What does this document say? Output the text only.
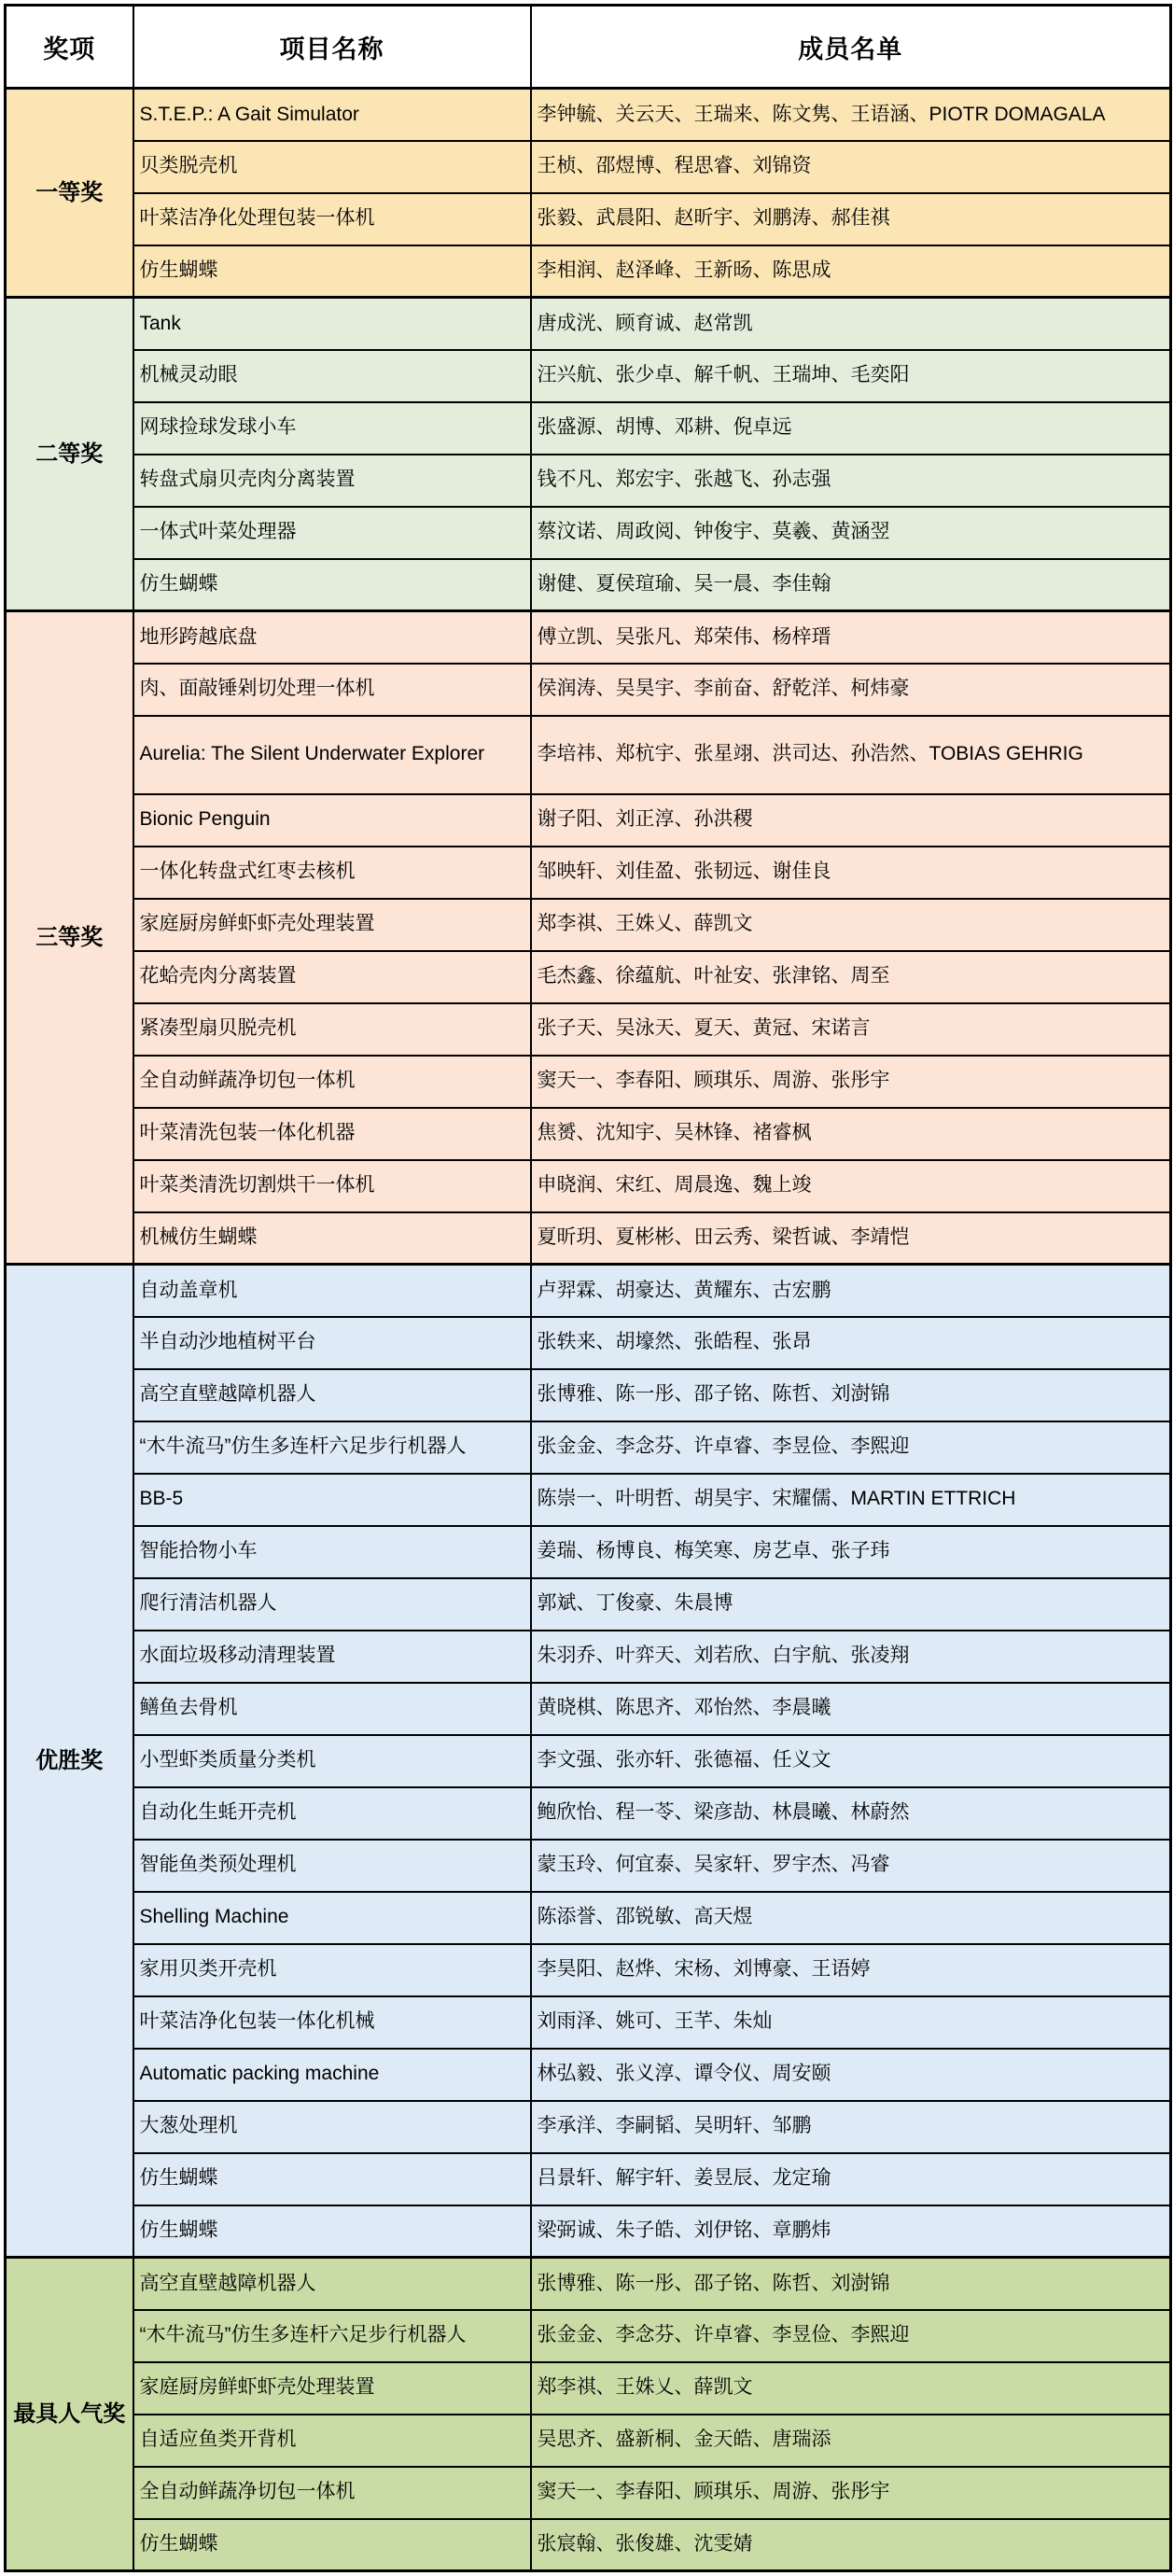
奖项	项目名称	成员名单
一等奖	S.T.E.P.: A Gait Simulator	李钟毓、关云天、王瑞来、陈文隽、王语涵、PIOTR DOMAGALA
	贝类脱壳机	王桢、邵煜博、程思睿、刘锦资
	叶菜洁净化处理包装一体机	张毅、武晨阳、赵昕宇、刘鹏涛、郝佳祺
	仿生蝴蝶	李相润、赵泽峰、王新旸、陈思成
二等奖	Tank	唐成洸、顾育诚、赵常凯
	机械灵动眼	汪兴航、张少卓、解千帆、王瑞坤、毛奕阳
	网球捡球发球小车	张盛源、胡博、邓耕、倪卓远
	转盘式扇贝壳肉分离装置	钱不凡、郑宏宇、张越飞、孙志强
	一体式叶菜处理器	蔡汶诺、周政阅、钟俊宇、莫羲、黄涵翌
	仿生蝴蝶	谢健、夏侯瑄瑜、吴一晨、李佳翰
三等奖	地形跨越底盘	傅立凯、吴张凡、郑荣伟、杨梓瑨
	肉、面敲锤剁切处理一体机	侯润涛、吴昊宇、李前奋、舒乾洋、柯炜豪
	Aurelia: The Silent Underwater Explorer	李培祎、郑杭宇、张星翊、洪司达、孙浩然、TOBIAS GEHRIG
	Bionic Penguin	谢子阳、刘正淳、孙洪稷
	一体化转盘式红枣去核机	邹映轩、刘佳盈、张韧远、谢佳良
	家庭厨房鲜虾虾壳处理装置	郑李祺、王姝乂、薛凯文
	花蛤壳肉分离装置	毛杰鑫、徐蕴航、叶祉安、张津铭、周至
	紧凑型扇贝脱壳机	张子天、吴泳天、夏天、黄冠、宋诺言
	全自动鲜蔬净切包一体机	窦天一、李春阳、顾琪乐、周游、张彤宇
	叶菜清洗包装一体化机器	焦赟、沈知宇、吴林锋、褚睿枫
	叶菜类清洗切割烘干一体机	申晓润、宋红、周晨逸、魏上竣
	机械仿生蝴蝶	夏昕玥、夏彬彬、田云秀、梁哲诚、李靖恺
优胜奖	自动盖章机	卢羿霖、胡豪达、黄耀东、古宏鹏
	半自动沙地植树平台	张轶来、胡壕然、张皓程、张昂
	高空直壁越障机器人	张博雅、陈一彤、邵子铭、陈哲、刘澍锦
	“木牛流马”仿生多连杆六足步行机器人	张金金、李念芬、许卓睿、李昱俭、李熙迎
	BB-5	陈崇一、叶明哲、胡昊宇、宋耀儒、MARTIN ETTRICH
	智能拾物小车	姜瑞、杨博良、梅笑寒、房艺卓、张子玮
	爬行清洁机器人	郭斌、丁俊豪、朱晨博
	水面垃圾移动清理装置	朱羽乔、叶弈天、刘若欣、白宇航、张凌翔
	鳝鱼去骨机	黄晓棋、陈思齐、邓怡然、李晨曦
	小型虾类质量分类机	李文强、张亦轩、张德福、任义文
	自动化生蚝开壳机	鲍欣怡、程一苓、梁彦劼、林晨曦、林蔚然
	智能鱼类预处理机	蒙玉玲、何宜泰、吴家轩、罗宇杰、冯睿
	Shelling Machine	陈添誉、邵锐敏、高天煜
	家用贝类开壳机	李昊阳、赵烨、宋杨、刘博豪、王语婷
	叶菜洁净化包装一体化机械	刘雨泽、姚可、王芊、朱灿
	Automatic packing machine	林弘毅、张义淳、谭令仪、周安颐
	大葱处理机	李承洋、李嗣韬、吴明轩、邹鹏
	仿生蝴蝶	吕景轩、解宇轩、姜昱辰、龙定瑜
	仿生蝴蝶	梁弼诚、朱子皓、刘伊铭、章鹏炜
最具人气奖	高空直壁越障机器人	张博雅、陈一彤、邵子铭、陈哲、刘澍锦
	“木牛流马”仿生多连杆六足步行机器人	张金金、李念芬、许卓睿、李昱俭、李熙迎
	家庭厨房鲜虾虾壳处理装置	郑李祺、王姝乂、薛凯文
	自适应鱼类开背机	吴思齐、盛新桐、金天皓、唐瑞添
	全自动鲜蔬净切包一体机	窦天一、李春阳、顾琪乐、周游、张彤宇
	仿生蝴蝶	张宸翰、张俊雄、沈雯婧
